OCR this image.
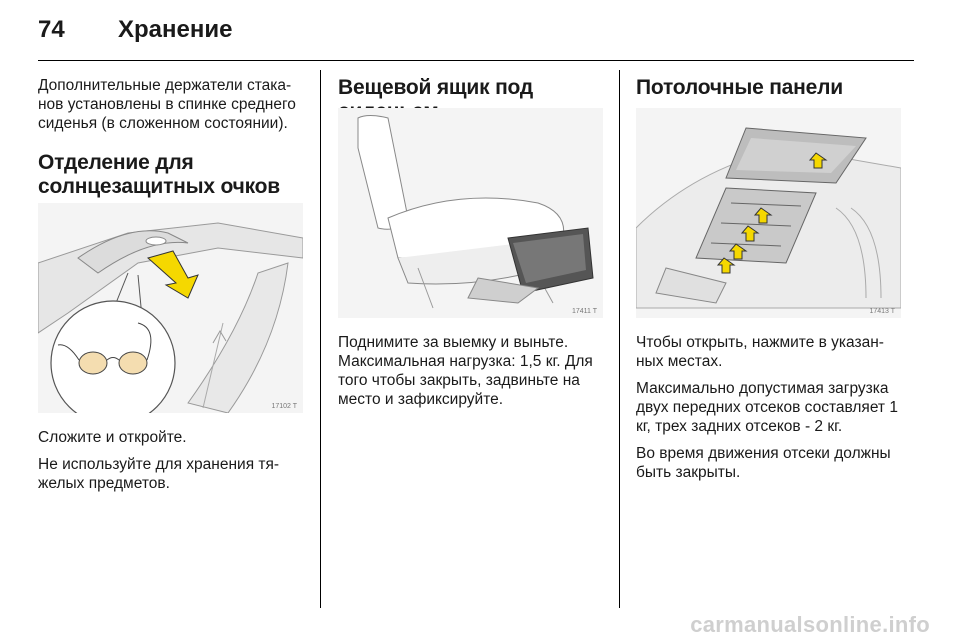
74 Хранение

Дополнительные держатели стака-нов установлены в спинке среднего сиденья (в сложенном состоянии).

Отделение для
солнцезащитных очков
17102 T

Сложите и откройте.

Не используйте для хранения тя-желых предметов.

Вещевой ящик под
17411 T

Поднимите за выемку и выньте. Максимальная нагрузка: 1,5 кг. Для того чтобы закрыть, задвиньте на место и зафиксируйте.

Потолочные панели
17413 T

Чтобы открыть, нажмите в указан-ных местах.

Максимально допустимая загрузка двух передних отсеков составляет 1 кг, трех задних отсеков - 2 кг.

Во время движения отсеки должны быть закрыты.

carmanualsonline.info
